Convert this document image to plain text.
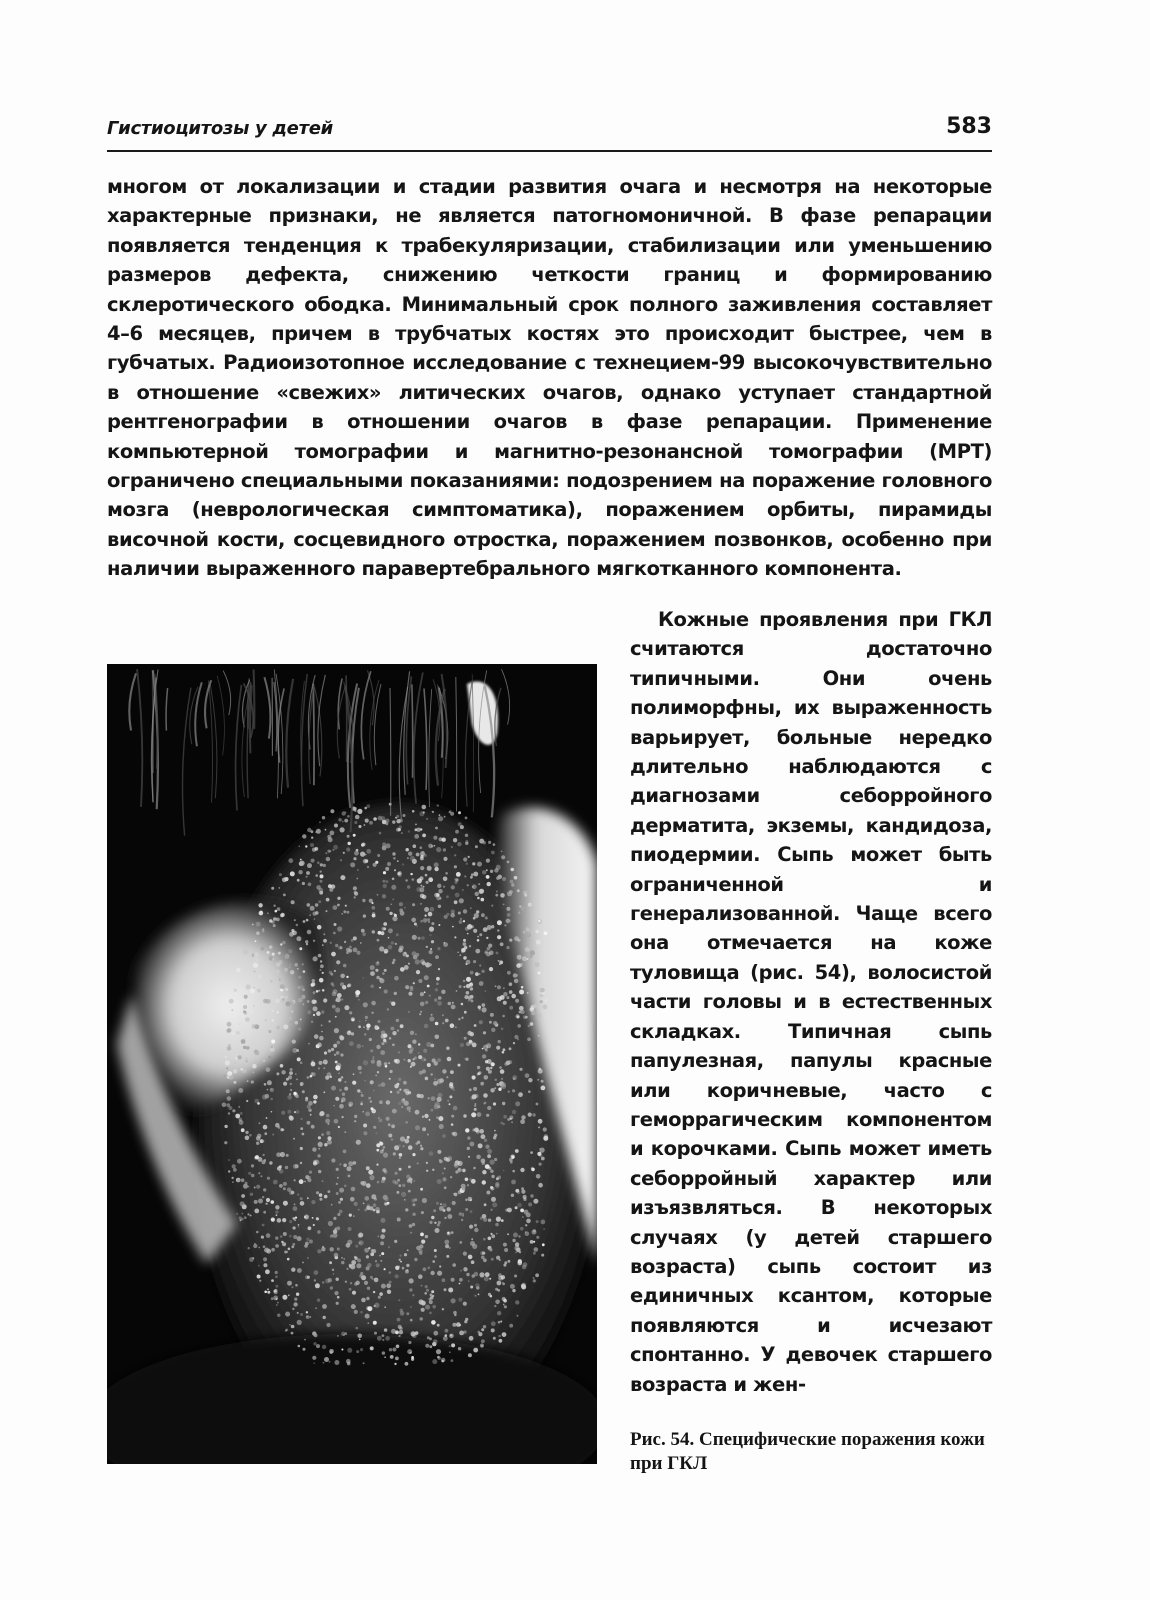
Гистиоцитозы у детей	583

многом от локализации и стадии развития очага и несмотря на некоторые характерные признаки, не является патогномоничной. В фазе репарации появляется тенденция к трабекуляризации, стабилизации или уменьшению размеров дефекта, снижению четкости границ и формированию склеротического ободка. Минимальный срок полного заживления составляет 4–6 месяцев, причем в трубчатых костях это происходит быстрее, чем в губчатых. Радиоизотопное исследование с технецием-99 высокочувствительно в отношение «свежих» литических очагов, однако уступает стандартной рентгенографии в отношении очагов в фазе репарации. Применение компьютерной томографии и магнитно-резонансной томографии (МРТ) ограничено специальными показаниями: подозрением на поражение головного мозга (неврологическая симптоматика), поражением орбиты, пирамиды височной кости, сосцевидного отростка, поражением позвонков, особенно при наличии выраженного паравертебрального мягкотканного компонента.

Кожные проявления при ГКЛ считаются достаточно типичными. Они очень полиморфны, их выраженность варьирует, больные нередко длительно наблюдаются с диагнозами себорройного дерматита, экземы, кандидоза, пиодермии. Сыпь может быть ограниченной и генерализованной. Чаще всего она отмечается на коже туловища (рис. 54), волосистой части головы и в естественных складках. Типичная сыпь папулезная, папулы красные или коричневые, часто с геморрагическим компонентом и корочками. Сыпь может иметь себорройный характер или изъязвляться. В некоторых случаях (у детей старшего возраста) сыпь состоит из единичных ксантом, которые появляются и исчезают спонтанно. У девочек старшего возраста и жен-

Рис. 54. Специфические поражения кожи при ГКЛ
